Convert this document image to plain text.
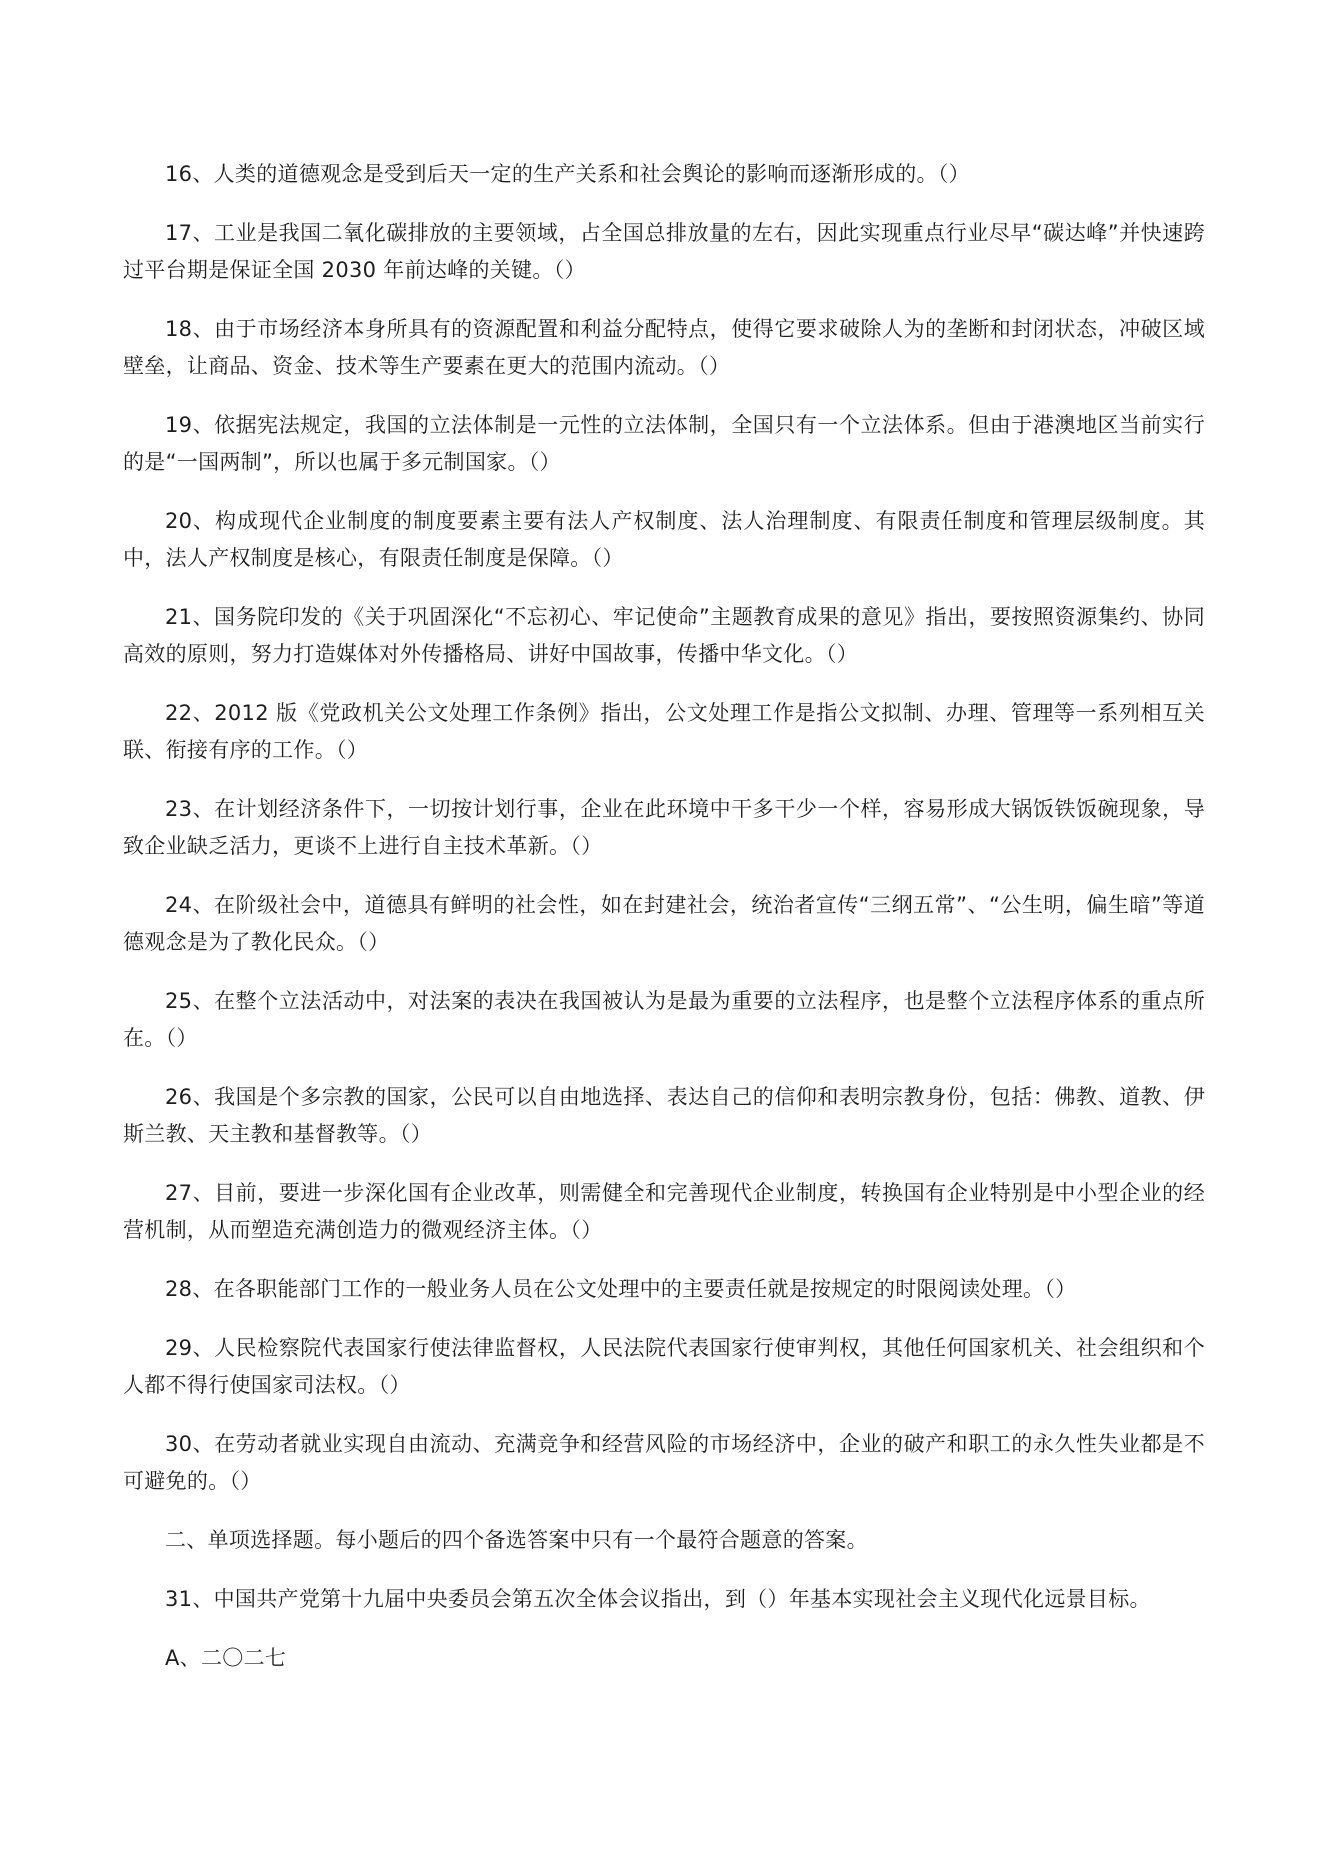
16、人类的道德观念是受到后天一定的生产关系和社会舆论的影响而逐渐形成的。（）

17、工业是我国二氧化碳排放的主要领域，占全国总排放量的左右，因此实现重点行业尽早“碳达峰”并快速跨过平台期是保证全国 2030 年前达峰的关键。（）

18、由于市场经济本身所具有的资源配置和利益分配特点，使得它要求破除人为的垄断和封闭状态，冲破区域壁垒，让商品、资金、技术等生产要素在更大的范围内流动。（）

19、依据宪法规定，我国的立法体制是一元性的立法体制，全国只有一个立法体系。但由于港澳地区当前实行的是“一国两制”，所以也属于多元制国家。（）

20、构成现代企业制度的制度要素主要有法人产权制度、法人治理制度、有限责任制度和管理层级制度。其中，法人产权制度是核心，有限责任制度是保障。（）

21、国务院印发的《关于巩固深化“不忘初心、牢记使命”主题教育成果的意见》指出，要按照资源集约、协同高效的原则，努力打造媒体对外传播格局、讲好中国故事，传播中华文化。（）

22、2012 版《党政机关公文处理工作条例》指出，公文处理工作是指公文拟制、办理、管理等一系列相互关联、衔接有序的工作。（）

23、在计划经济条件下，一切按计划行事，企业在此环境中干多干少一个样，容易形成大锅饭铁饭碗现象，导致企业缺乏活力，更谈不上进行自主技术革新。（）

24、在阶级社会中，道德具有鲜明的社会性，如在封建社会，统治者宣传“三纲五常”、“公生明，偏生暗”等道德观念是为了教化民众。（）

25、在整个立法活动中，对法案的表决在我国被认为是最为重要的立法程序，也是整个立法程序体系的重点所在。（）

26、我国是个多宗教的国家，公民可以自由地选择、表达自己的信仰和表明宗教身份，包括：佛教、道教、伊斯兰教、天主教和基督教等。（）

27、目前，要进一步深化国有企业改革，则需健全和完善现代企业制度，转换国有企业特别是中小型企业的经营机制，从而塑造充满创造力的微观经济主体。（）

28、在各职能部门工作的一般业务人员在公文处理中的主要责任就是按规定的时限阅读处理。（）

29、人民检察院代表国家行使法律监督权，人民法院代表国家行使审判权，其他任何国家机关、社会组织和个人都不得行使国家司法权。（）

30、在劳动者就业实现自由流动、充满竞争和经营风险的市场经济中，企业的破产和职工的永久性失业都是不可避免的。（）

二、单项选择题。每小题后的四个备选答案中只有一个最符合题意的答案。

31、中国共产党第十九届中央委员会第五次全体会议指出，到（）年基本实现社会主义现代化远景目标。

A、二〇二七
